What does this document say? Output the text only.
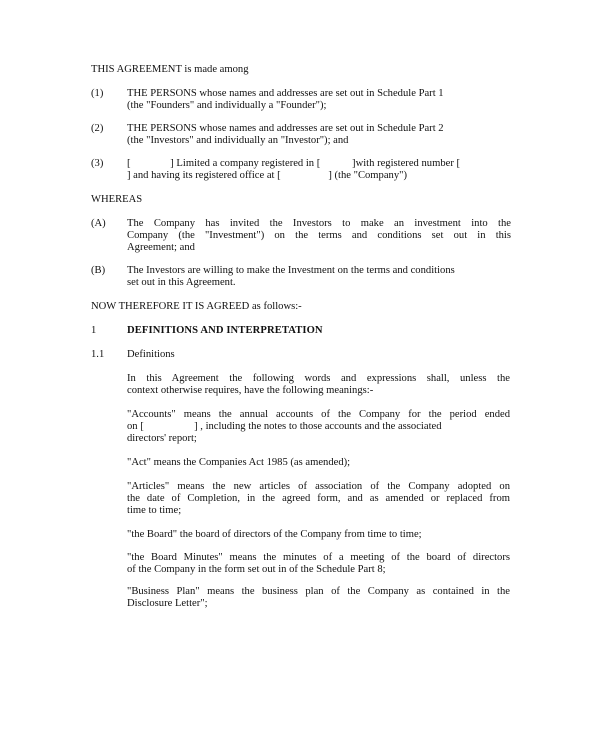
THIS AGREEMENT is made among
(1) THE PERSONS whose names and addresses are set out in Schedule Part 1
(the "Founders" and individually a "Founder");
(2) THE PERSONS whose names and addresses are set out in Schedule Part 2
(the "Investors" and individually an "Investor"); and
(3) [               ] Limited a company registered in [            ]with registered number [
] and having its registered office at [                  ] (the "Company")
WHEREAS
(A) The Company has invited the Investors to make an investment into the
Company (the "Investment") on the terms and conditions set out in this
Agreement; and
(B) The Investors are willing to make the Investment on the terms and conditions
set out in this Agreement.
NOW THEREFORE IT IS AGREED as follows:-
1	DEFINITIONS AND INTERPRETATION
1.1 Definitions
In this Agreement the following words and expressions shall, unless the
context otherwise requires, have the following meanings:-
"Accounts" means the annual accounts of the Company for the period ended
on [                   ] , including the notes to those accounts and the associated
directors' report;
"Act" means the Companies Act 1985 (as amended);
"Articles" means the new articles of association of the Company adopted on
the date of Completion, in the agreed form, and as amended or replaced from
time to time;
"the Board" the board of directors of the Company from time to time;
"the Board Minutes" means the minutes of a meeting of the board of directors
of the Company in the form set out in of the Schedule Part 8;
"Business Plan" means the business plan of the Company as contained in the
Disclosure Letter";
